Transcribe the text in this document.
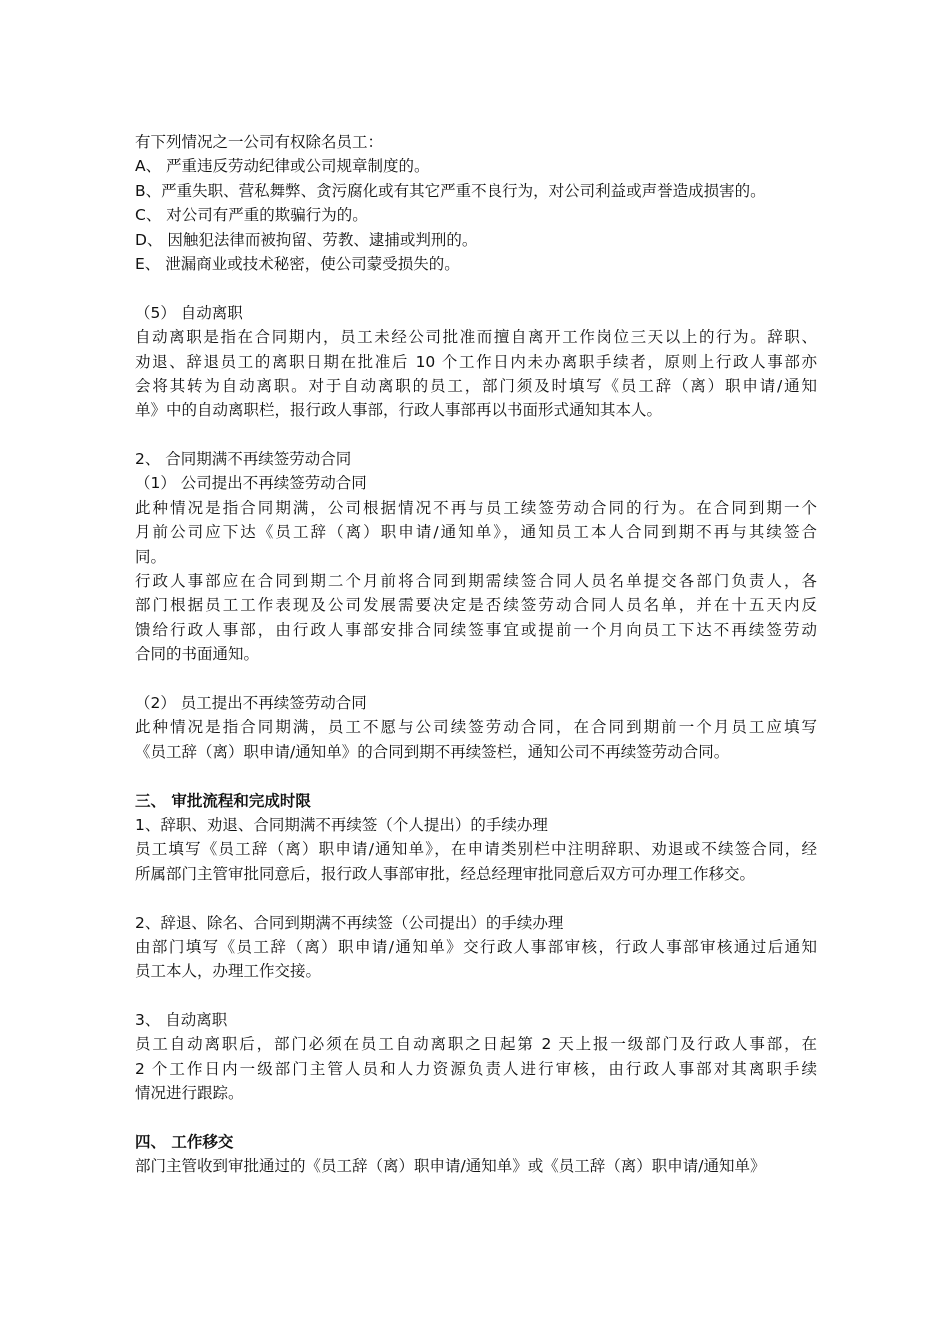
有下列情况之一公司有权除名员工：
A、 严重违反劳动纪律或公司规章制度的。
B、严重失职、营私舞弊、贪污腐化或有其它严重不良行为，对公司利益或声誉造成损害的。
C、 对公司有严重的欺骗行为的。
D、 因触犯法律而被拘留、劳教、逮捕或判刑的。
E、 泄漏商业或技术秘密，使公司蒙受损失的。
（5） 自动离职
自动离职是指在合同期内，员工未经公司批准而擅自离开工作岗位三天以上的行为。辞职、
劝退、辞退员工的离职日期在批准后 10 个工作日内未办离职手续者，原则上行政人事部亦
会将其转为自动离职。对于自动离职的员工，部门须及时填写《员工辞（离）职申请/通知
单》中的自动离职栏，报行政人事部，行政人事部再以书面形式通知其本人。
2、 合同期满不再续签劳动合同
（1） 公司提出不再续签劳动合同
此种情况是指合同期满，公司根据情况不再与员工续签劳动合同的行为。在合同到期一个
月前公司应下达《员工辞（离）职申请/通知单》，通知员工本人合同到期不再与其续签合
同。
行政人事部应在合同到期二个月前将合同到期需续签合同人员名单提交各部门负责人，各
部门根据员工工作表现及公司发展需要决定是否续签劳动合同人员名单，并在十五天内反
馈给行政人事部，由行政人事部安排合同续签事宜或提前一个月向员工下达不再续签劳动
合同的书面通知。
（2） 员工提出不再续签劳动合同
此种情况是指合同期满，员工不愿与公司续签劳动合同，在合同到期前一个月员工应填写
《员工辞（离）职申请/通知单》的合同到期不再续签栏，通知公司不再续签劳动合同。
三、 审批流程和完成时限
1、辞职、劝退、合同期满不再续签（个人提出）的手续办理
员工填写《员工辞（离）职申请/通知单》，在申请类别栏中注明辞职、劝退或不续签合同，经
所属部门主管审批同意后，报行政人事部审批，经总经理审批同意后双方可办理工作移交。
2、辞退、除名、合同到期满不再续签（公司提出）的手续办理
由部门填写《员工辞（离）职申请/通知单》交行政人事部审核，行政人事部审核通过后通知
员工本人，办理工作交接。
3、 自动离职
员工自动离职后，部门必须在员工自动离职之日起第 2 天上报一级部门及行政人事部，在
2 个工作日内一级部门主管人员和人力资源负责人进行审核，由行政人事部对其离职手续
情况进行跟踪。
四、 工作移交
部门主管收到审批通过的《员工辞（离）职申请/通知单》或《员工辞（离）职申请/通知单》
